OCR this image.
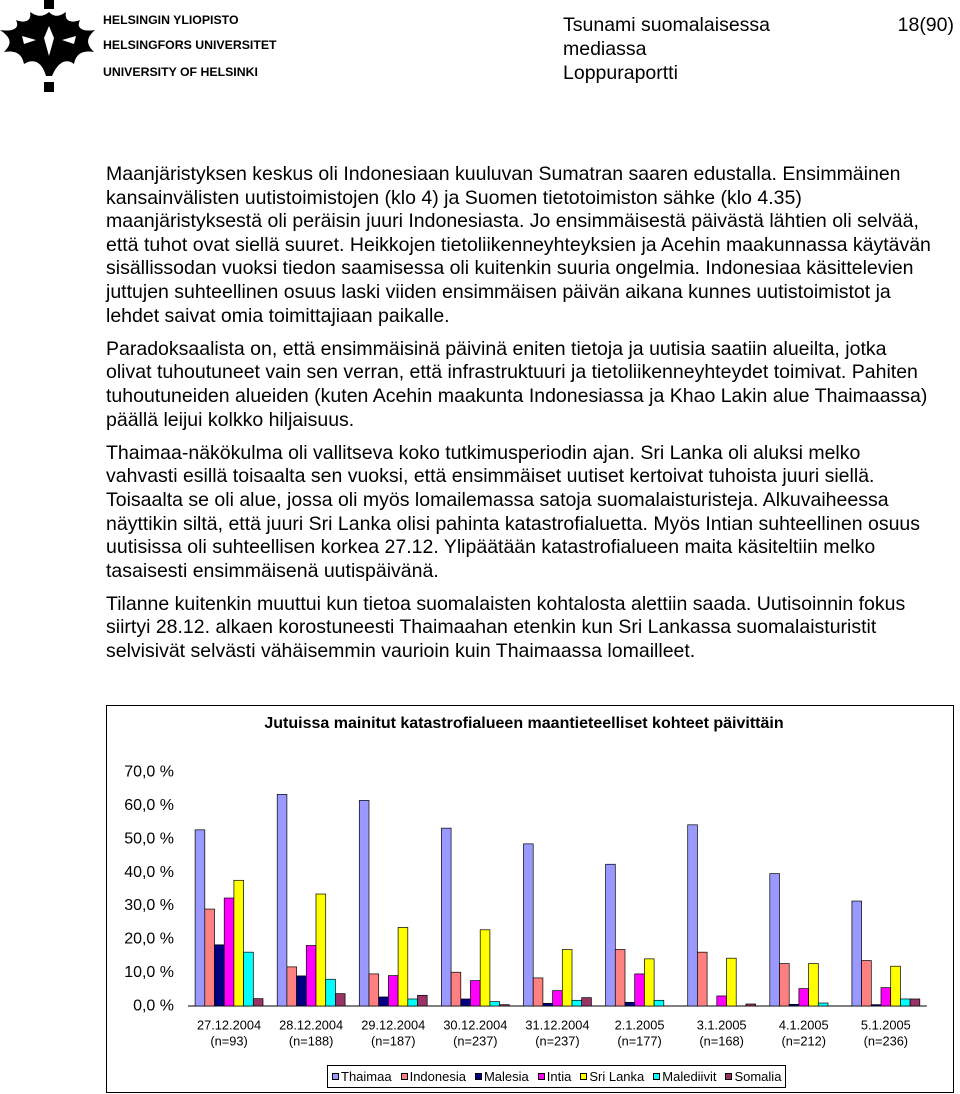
HELSINGIN YLIOPISTO
HELSINGFORS UNIVERSITET
UNIVERSITY OF HELSINKI
Tsunami suomalaisessa
mediassa
Loppuraportti
18(90)
Maanjäristyksen keskus oli Indonesiaan kuuluvan Sumatran saaren edustalla. Ensimmäinen
kansainvälisten uutistoimistojen (klo 4) ja Suomen tietotoimiston sähke (klo 4.35)
maanjäristyksestä oli peräisin juuri Indonesiasta. Jo ensimmäisestä päivästä lähtien oli selvää,
että tuhot ovat siellä suuret. Heikkojen tietoliikenneyhteyksien ja Acehin maakunnassa käytävän
sisällissodan vuoksi tiedon saamisessa oli kuitenkin suuria ongelmia. Indonesiaa käsittelevien
juttujen suhteellinen osuus laski viiden ensimmäisen päivän aikana kunnes uutistoimistot ja
lehdet saivat omia toimittajiaan paikalle.
Paradoksaalista on, että ensimmäisinä päivinä eniten tietoja ja uutisia saatiin alueilta, jotka
olivat tuhoutuneet vain sen verran, että infrastruktuuri ja tietoliikenneyhteydet toimivat. Pahiten
tuhoutuneiden alueiden (kuten Acehin maakunta Indonesiassa ja Khao Lakin alue Thaimaassa)
päällä leijui kolkko hiljaisuus.
Thaimaa-näkökulma oli vallitseva koko tutkimusperiodin ajan. Sri Lanka oli aluksi melko
vahvasti esillä toisaalta sen vuoksi, että ensimmäiset uutiset kertoivat tuhoista juuri siellä.
Toisaalta se oli alue, jossa oli myös lomailemassa satoja suomalaisturisteja. Alkuvaiheessa
näyttikin siltä, että juuri Sri Lanka olisi pahinta katastrofialuetta. Myös Intian suhteellinen osuus
uutisissa oli suhteellisen korkea 27.12. Ylipäätään katastrofialueen maita käsiteltiin melko
tasaisesti ensimmäisenä uutispäivänä.
Tilanne kuitenkin muuttui kun tietoa suomalaisten kohtalosta alettiin saada. Uutisoinnin fokus
siirtyi 28.12. alkaen korostuneesti Thaimaahan etenkin kun Sri Lankassa suomalaisturistit
selvisivät selvästi vähäisemmin vaurioin kuin Thaimaassa lomailleet.
Jutuissa mainitut katastrofialueen maantieteelliset kohteet päivittäin
0,0 %
10,0 %
20,0 %
30,0 %
40,0 %
50,0 %
60,0 %
70,0 %
27.12.2004
(n=93)
28.12.2004
(n=188)
29.12.2004
(n=187)
30.12.2004
(n=237)
31.12.2004
(n=237)
2.1.2005
(n=177)
3.1.2005
(n=168)
4.1.2005
(n=212)
5.1.2005
(n=236)
Thaimaa Indonesia Malesia Intia Sri Lanka Malediivit Somalia
